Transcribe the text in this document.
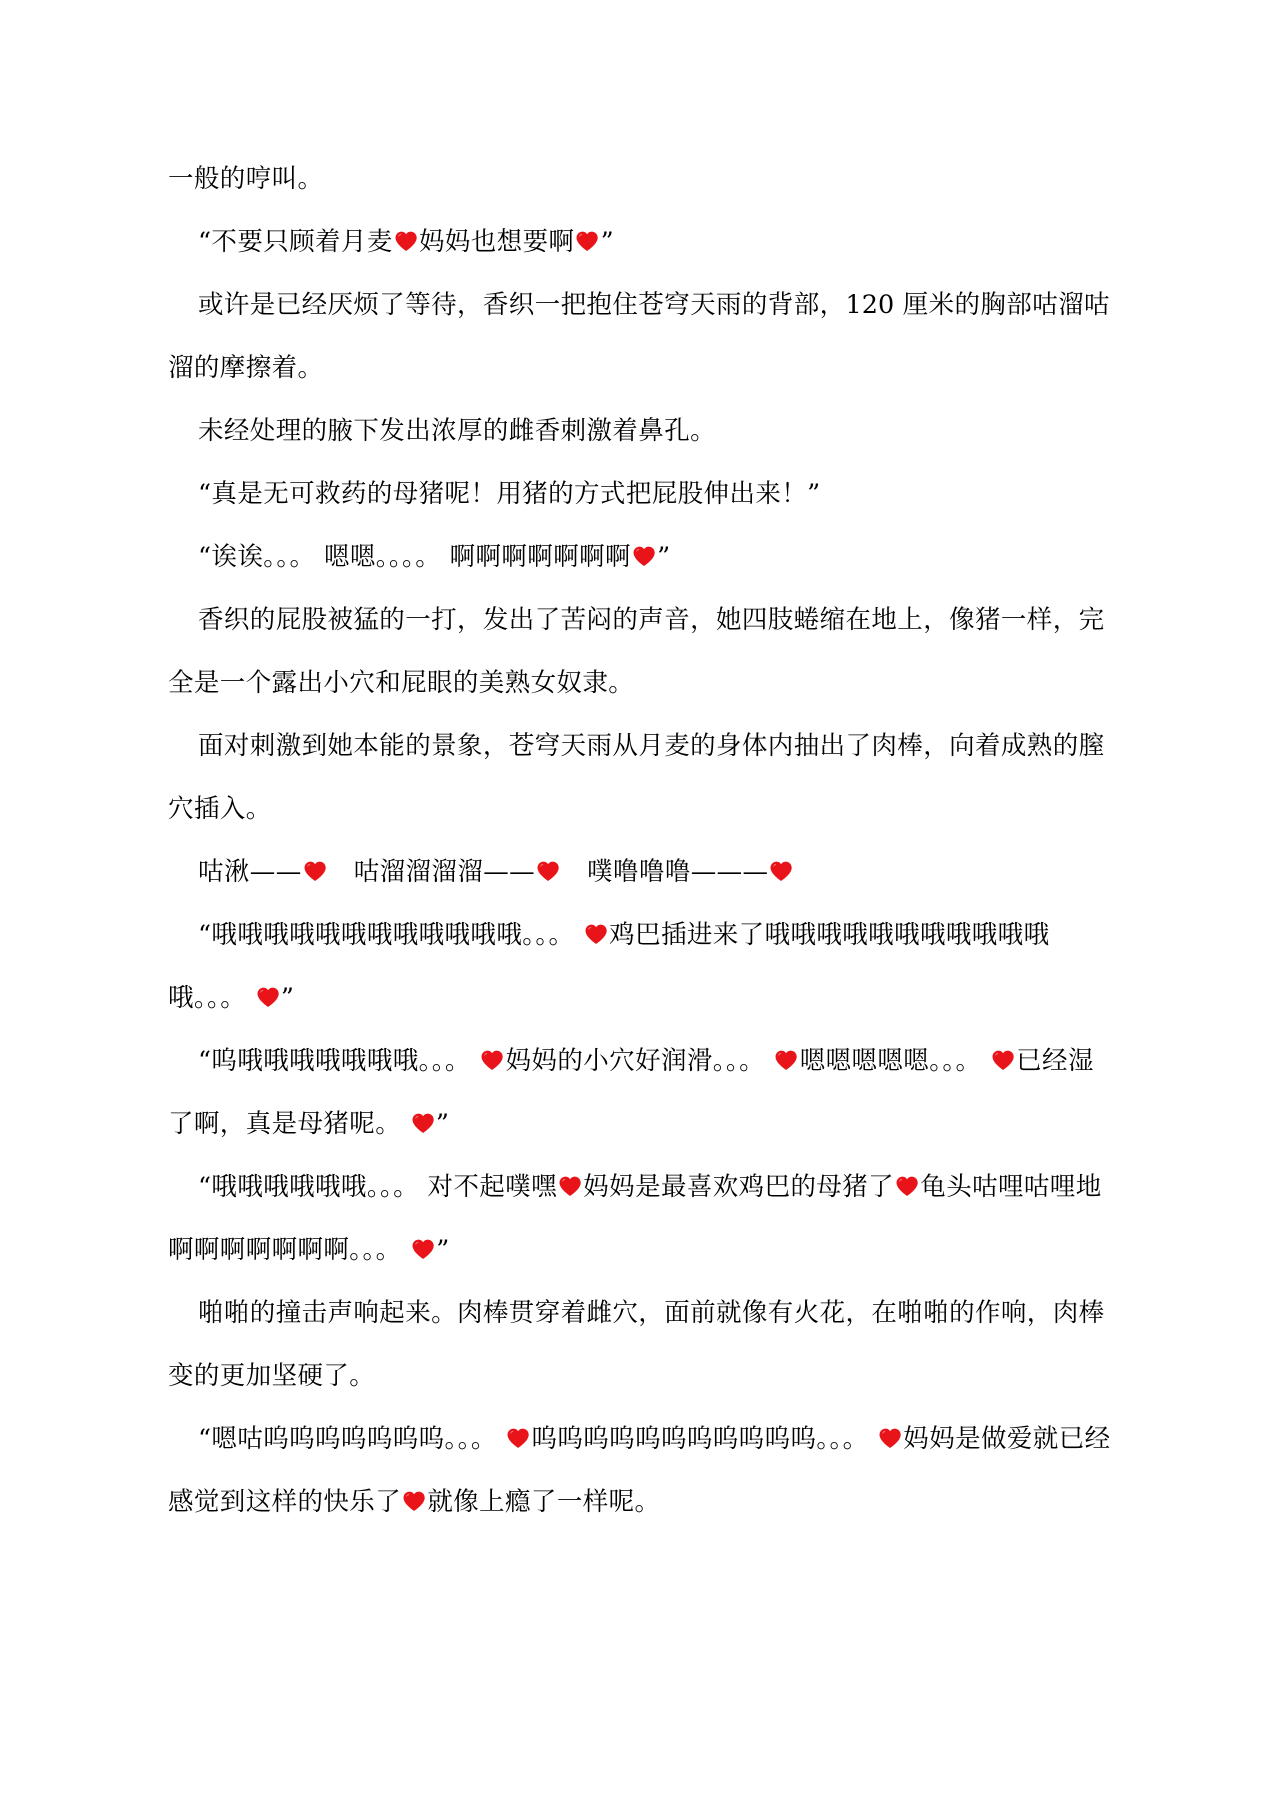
一般的哼叫。

“不要只顾着月麦 妈妈也想要啊 ”

或许是已经厌烦了等待，香织一把抱住苍穹天雨的背部，120 厘米的胸部咕溜咕溜的摩擦着。

未经处理的腋下发出浓厚的雌香刺激着鼻孔。

“真是无可救药的母猪呢！用猪的方式把屁股伸出来！”

“诶诶。。。 嗯嗯。。。。 啊啊啊啊啊啊啊 ”

香织的屁股被猛的一打，发出了苦闷的声音，她四肢蜷缩在地上，像猪一样，完全是一个露出小穴和屁眼的美熟女奴隶。

面对刺激到她本能的景象，苍穹天雨从月麦的身体内抽出了肉棒，向着成熟的膣穴插入。

咕湫——
　咕溜溜溜溜——
　噗噜噜噜———

“哦哦哦哦哦哦哦哦哦哦哦哦。。。
鸡巴插进来了哦哦哦哦哦哦哦哦哦哦哦哦。。。
”

“呜哦哦哦哦哦哦哦。。。
妈妈的小穴好润滑。。。
嗯嗯嗯嗯嗯。。。
已经湿了啊，真是母猪呢。
”

“哦哦哦哦哦哦。。。 对不起噗嘿 妈妈是最喜欢鸡巴的母猪了 龟头咕哩咕哩地啊啊啊啊啊啊啊。。。
”

啪啪的撞击声响起来。肉棒贯穿着雌穴，面前就像有火花，在啪啪的作响，肉棒变的更加坚硬了。

“嗯咕呜呜呜呜呜呜呜。。。
呜呜呜呜呜呜呜呜呜呜呜。。。
妈妈是做爱就已经感觉到这样的快乐了 就像上瘾了一样呢。
